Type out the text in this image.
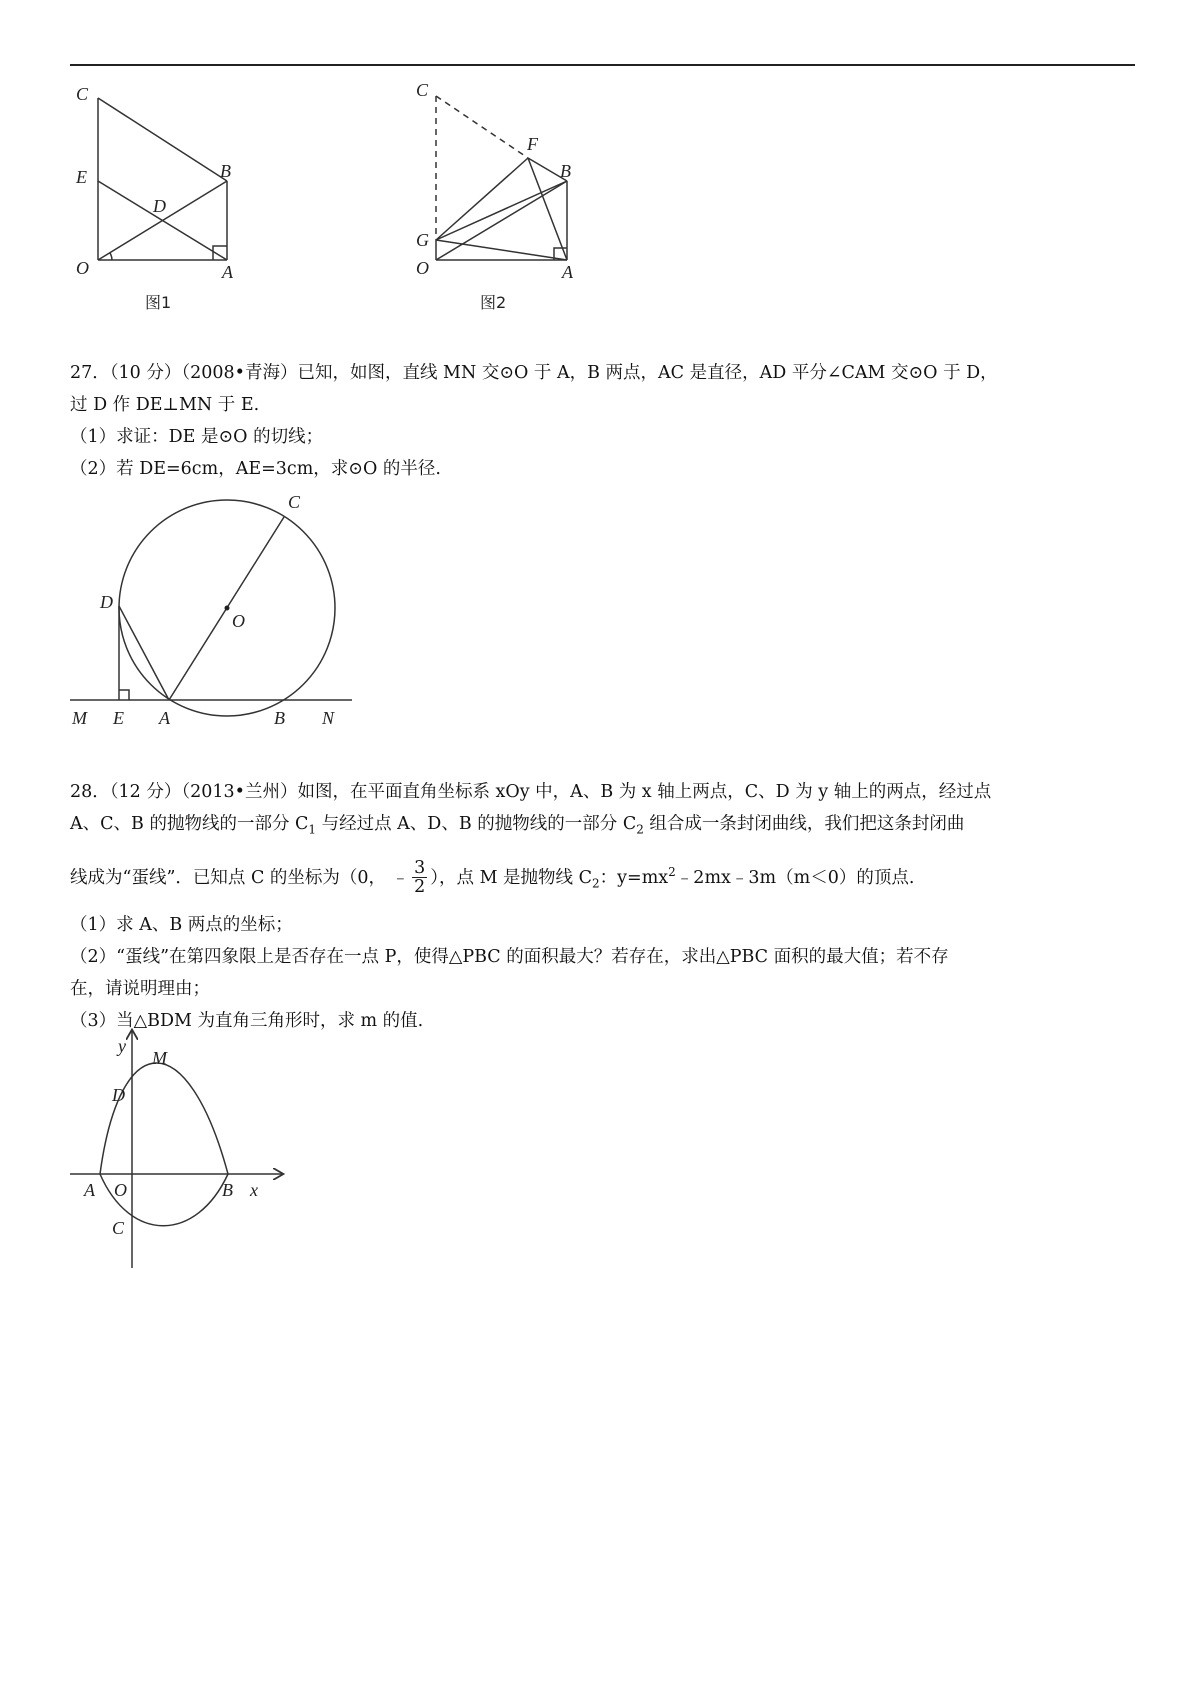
C
E
D
B
O	A
图1
C
F
B
G
O	A
图2

27．（10 分）（2008•青海）已知，如图，直线 MN 交⊙O 于 A，B 两点，AC 是直径，AD 平分∠CAM 交⊙O 于 D，

过 D 作 DE⊥MN 于 E.

（1）求证：DE 是⊙O 的切线；

（2）若 DE=6cm，AE=3cm，求⊙O 的半径.

C
D
O
M E A	B N

28．（12 分）（2013•兰州）如图，在平面直角坐标系 xOy 中，A、B 为 x 轴上两点，C、D 为 y 轴上的两点，经过点

A、C、B 的抛物线的一部分 $C_1$ 与经过点 A、D、B 的抛物线的一部分 $C_2$ 组合成一条封闭曲线，我们把这条封闭曲

线成为“蛋线”．已知点 C 的坐标为（0， ﹣ $\frac{3}{2}$ ），点 M 是抛物线 $C_2$：$y=mx^2﹣2mx﹣3m(m<0)$的顶点.

（1）求 A、B 两点的坐标；

（2）“蛋线”在第四象限上是否存在一点 P，使得△PBC 的面积最大？若存在，求出△PBC 面积的最大值；若不存

在，请说明理由；

（3）当△BDM 为直角三角形时，求 m 的值.

y
M
D
A O	B x
C
